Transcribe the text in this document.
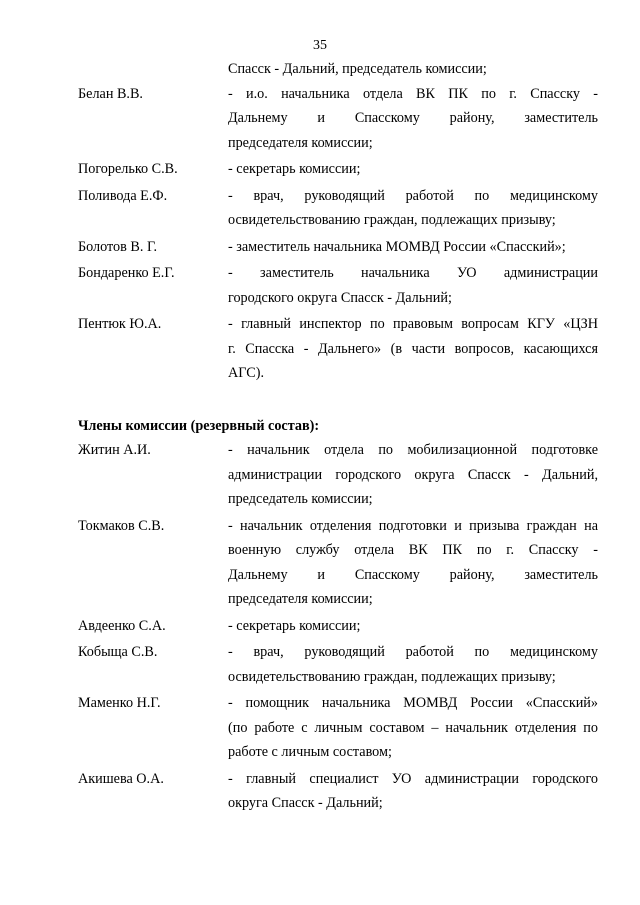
35
Спасск - Дальний, председатель комиссии;
Белан В.В.	- и.о. начальника отдела ВК ПК по г. Спасску -
Дальнему и Спасскому району, заместитель
председателя комиссии;
Погорелько С.В.	- секретарь комиссии;
Поливода Е.Ф.	- врач, руководящий работой по медицинскому
освидетельствованию граждан, подлежащих призыву;
Болотов В. Г.	- заместитель начальника МОМВД России «Спасский»;
Бондаренко Е.Г.	- заместитель начальника УО администрации
городского округа Спасск - Дальний;
Пентюк Ю.А.	- главный инспектор по правовым вопросам КГУ «ЦЗН
г. Спасска - Дальнего» (в части вопросов, касающихся
АГС).
Члены комиссии (резервный состав):
Житин А.И.	- начальник отдела по мобилизационной подготовке
администрации городского округа Спасск - Дальний,
председатель комиссии;
Токмаков С.В.	- начальник отделения подготовки и призыва граждан на
военную службу отдела ВК ПК по г. Спасску -
Дальнему и Спасскому району, заместитель
председателя комиссии;
Авдеенко С.А.	- секретарь комиссии;
Кобыща С.В.	- врач, руководящий работой по медицинскому
освидетельствованию граждан, подлежащих призыву;
Маменко Н.Г.	- помощник начальника МОМВД России «Спасский»
(по работе с личным составом – начальник отделения по
работе с личным составом;
Акишева О.А.	- главный специалист УО администрации городского
округа Спасск - Дальний;
